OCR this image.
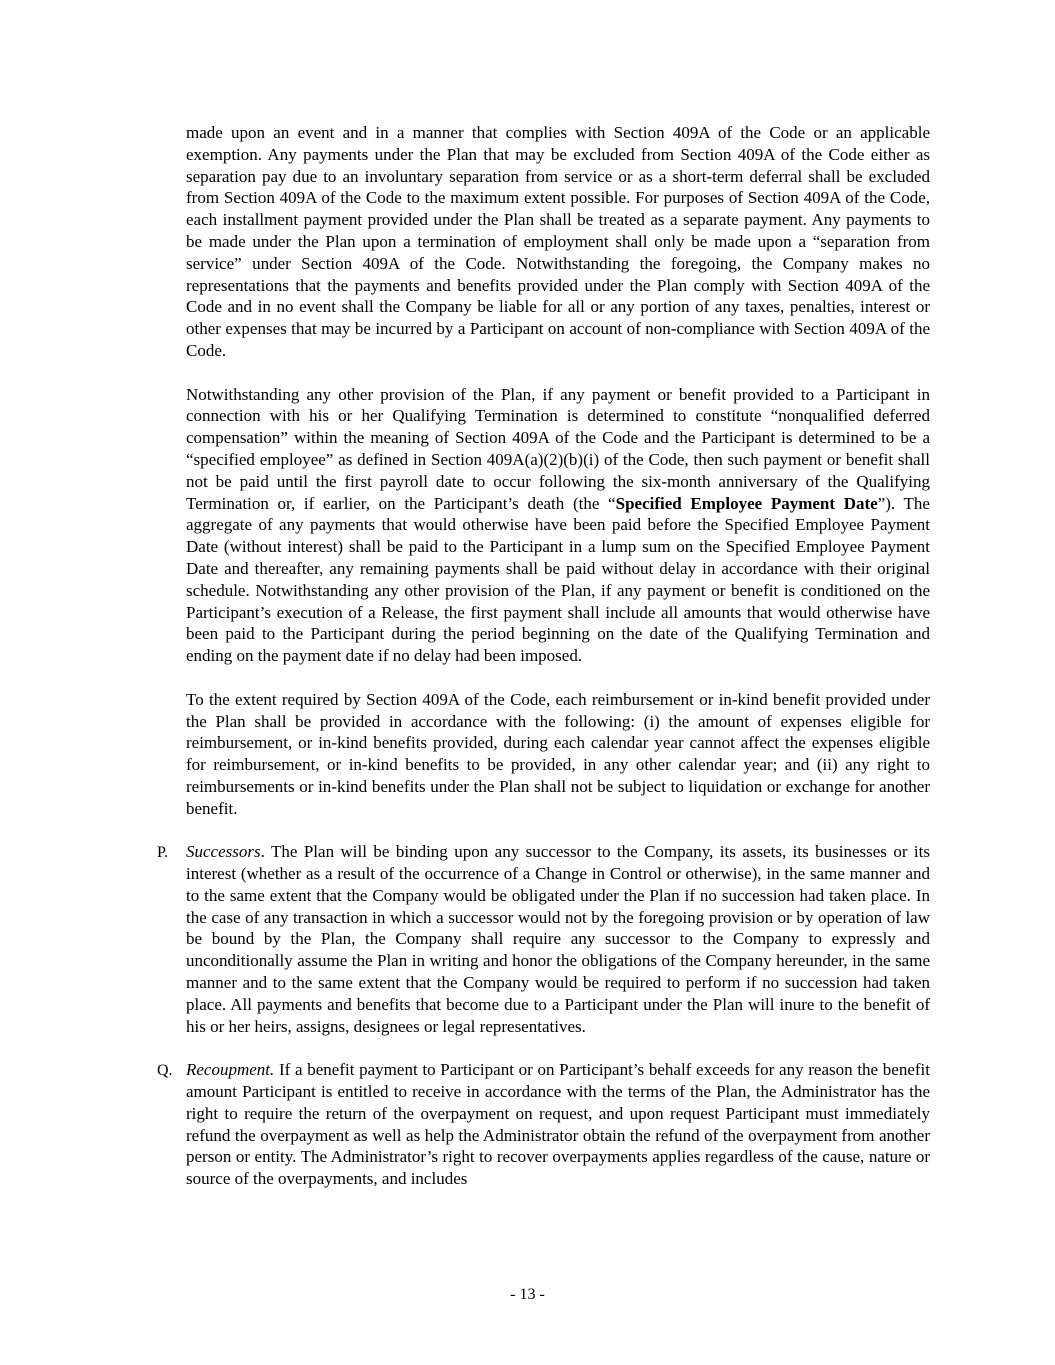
made upon an event and in a manner that complies with Section 409A of the Code or an applicable exemption. Any payments under the Plan that may be excluded from Section 409A of the Code either as separation pay due to an involuntary separation from service or as a short-term deferral shall be excluded from Section 409A of the Code to the maximum extent possible. For purposes of Section 409A of the Code, each installment payment provided under the Plan shall be treated as a separate payment. Any payments to be made under the Plan upon a termination of employment shall only be made upon a “separation from service” under Section 409A of the Code. Notwithstanding the foregoing, the Company makes no representations that the payments and benefits provided under the Plan comply with Section 409A of the Code and in no event shall the Company be liable for all or any portion of any taxes, penalties, interest or other expenses that may be incurred by a Participant on account of non-compliance with Section 409A of the Code.
Notwithstanding any other provision of the Plan, if any payment or benefit provided to a Participant in connection with his or her Qualifying Termination is determined to constitute “nonqualified deferred compensation” within the meaning of Section 409A of the Code and the Participant is determined to be a “specified employee” as defined in Section 409A(a)(2)(b)(i) of the Code, then such payment or benefit shall not be paid until the first payroll date to occur following the six-month anniversary of the Qualifying Termination or, if earlier, on the Participant’s death (the “Specified Employee Payment Date”). The aggregate of any payments that would otherwise have been paid before the Specified Employee Payment Date (without interest) shall be paid to the Participant in a lump sum on the Specified Employee Payment Date and thereafter, any remaining payments shall be paid without delay in accordance with their original schedule. Notwithstanding any other provision of the Plan, if any payment or benefit is conditioned on the Participant’s execution of a Release, the first payment shall include all amounts that would otherwise have been paid to the Participant during the period beginning on the date of the Qualifying Termination and ending on the payment date if no delay had been imposed.
To the extent required by Section 409A of the Code, each reimbursement or in-kind benefit provided under the Plan shall be provided in accordance with the following: (i) the amount of expenses eligible for reimbursement, or in-kind benefits provided, during each calendar year cannot affect the expenses eligible for reimbursement, or in-kind benefits to be provided, in any other calendar year; and (ii) any right to reimbursements or in-kind benefits under the Plan shall not be subject to liquidation or exchange for another benefit.
P. Successors. The Plan will be binding upon any successor to the Company, its assets, its businesses or its interest (whether as a result of the occurrence of a Change in Control or otherwise), in the same manner and to the same extent that the Company would be obligated under the Plan if no succession had taken place. In the case of any transaction in which a successor would not by the foregoing provision or by operation of law be bound by the Plan, the Company shall require any successor to the Company to expressly and unconditionally assume the Plan in writing and honor the obligations of the Company hereunder, in the same manner and to the same extent that the Company would be required to perform if no succession had taken place. All payments and benefits that become due to a Participant under the Plan will inure to the benefit of his or her heirs, assigns, designees or legal representatives.
Q. Recoupment. If a benefit payment to Participant or on Participant’s behalf exceeds for any reason the benefit amount Participant is entitled to receive in accordance with the terms of the Plan, the Administrator has the right to require the return of the overpayment on request, and upon request Participant must immediately refund the overpayment as well as help the Administrator obtain the refund of the overpayment from another person or entity. The Administrator’s right to recover overpayments applies regardless of the cause, nature or source of the overpayments, and includes
- 13 -
